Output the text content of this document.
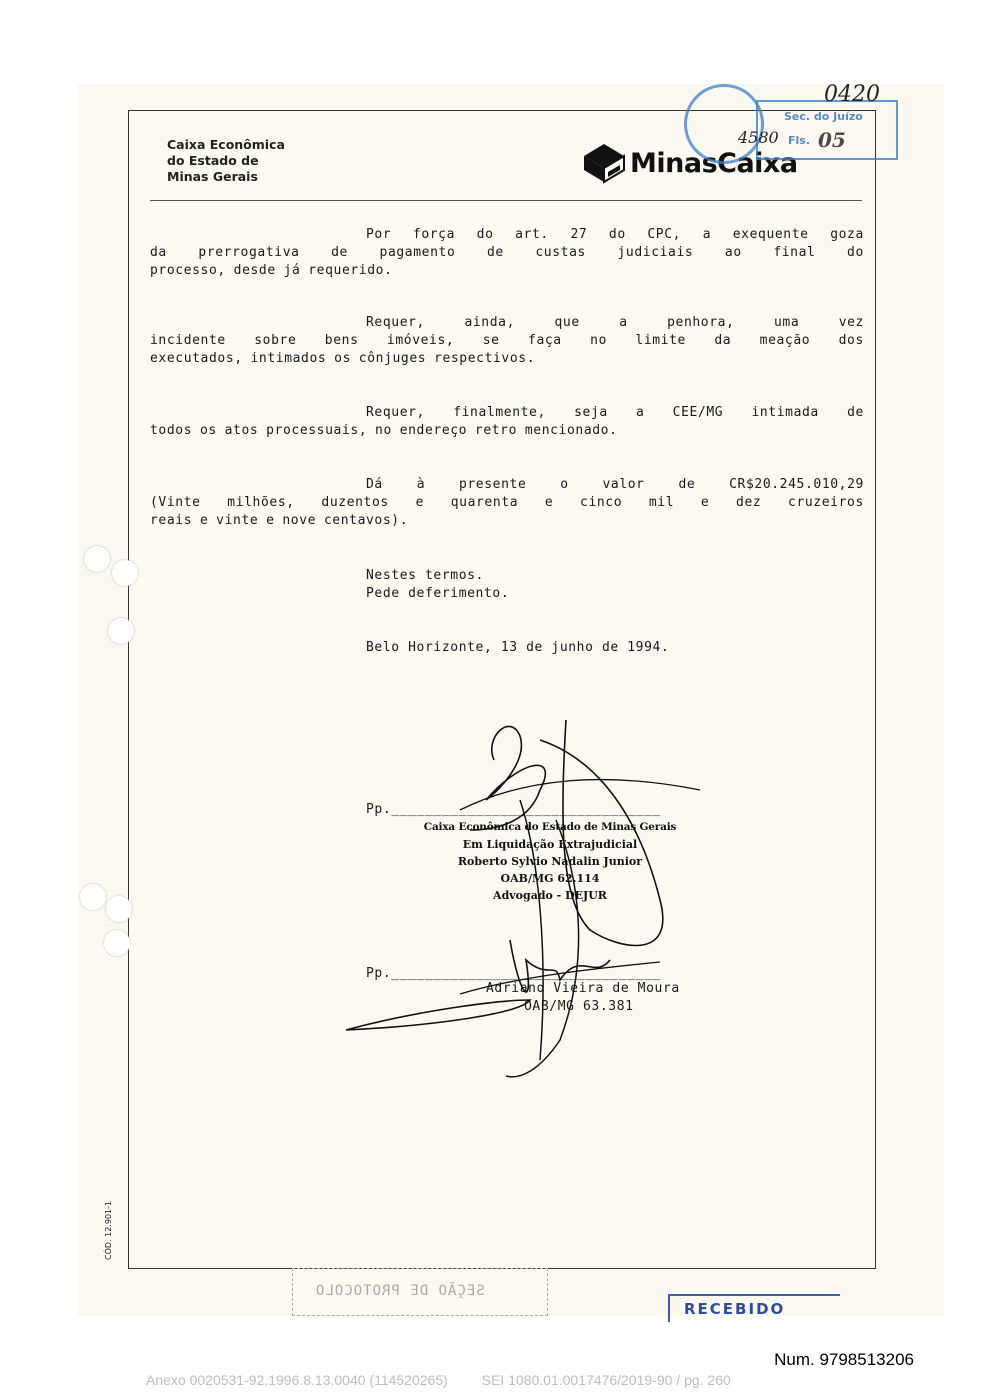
Caixa Econômica
do Estado de
Minas Gerais	MinasCaixa
Sec. do Juízo
Fls. 05
0420
4580
CÓD. 12.901-1
Por força do art. 27 do CPC, a exequente goza
da prerrogativa de pagamento de custas judiciais ao final do
processo, desde já requerido.
Requer,	ainda,	que	a	penhora,	uma	vez
incidente sobre bens imóveis, se faça no limite da meação dos
executados, intimados os cônjuges respectivos.
Requer, finalmente, seja a CEE/MG intimada de
todos os atos processuais, no endereço retro mencionado.
Dá	à	presente	o	valor	de	CR$20.245.010,29
(Vinte milhões, duzentos e quarenta e cinco mil e dez cruzeiros
reais e vinte e nove centavos).
Nestes termos.
Pede deferimento.
Belo Horizonte, 13 de junho de 1994.
Pp.________________________________
Caixa Econômica do Estado de Minas Gerais
Em Liquidação Extrajudicial
Roberto Sylvio Nadalin Junior
OAB/MG 62.114
Advogado - DEJUR
Pp.________________________________
Adriano Vieira de Moura
OAB/MG 63.381
SEÇÃO DE PROTOCOLO
RECEBIDO
Num. 9798513206
Anexo 0020531-92.1996.8.13.0040 (114520265) SEI 1080.01.0017476/2019-90 / pg. 260
